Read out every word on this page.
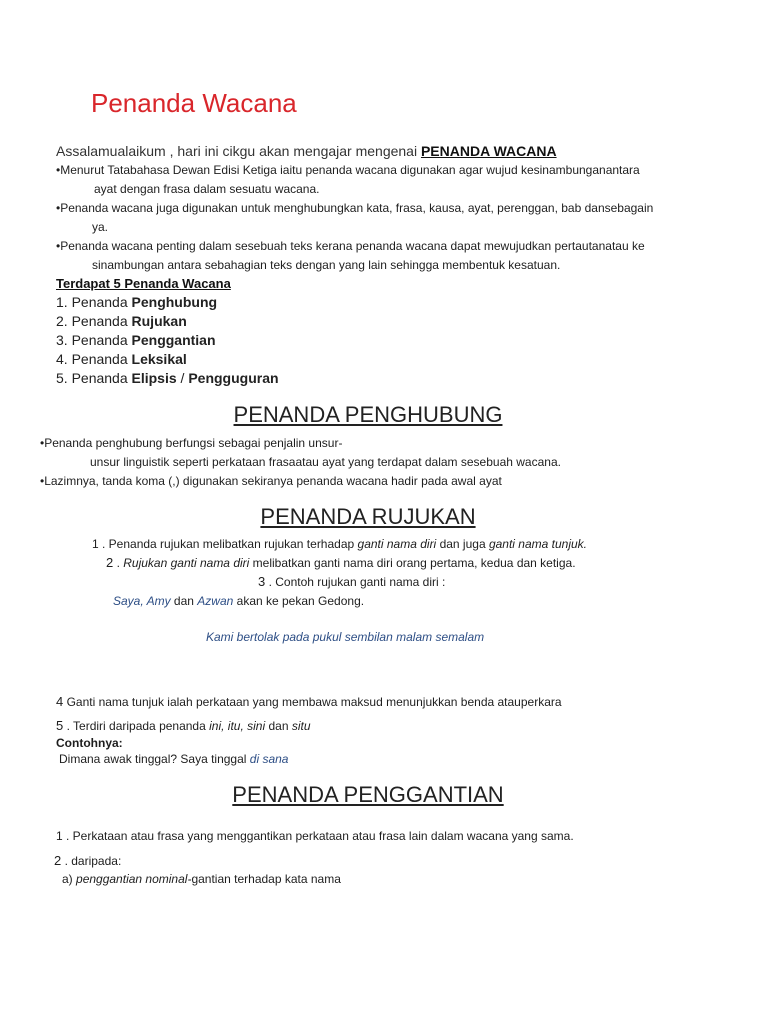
Penanda Wacana
Assalamualaikum , hari ini cikgu akan mengajar mengenai PENANDA WACANA
•Menurut Tatabahasa Dewan Edisi Ketiga iaitu penanda wacana digunakan agar wujud kesinambunganantara
ayat dengan frasa dalam sesuatu wacana.
•Penanda wacana juga digunakan untuk menghubungkan kata, frasa, kausa, ayat, perenggan, bab dansebagain
ya.
•Penanda wacana penting dalam sesebuah teks kerana penanda wacana dapat mewujudkan pertautanatau ke
sinambungan antara sebahagian teks dengan yang lain sehingga membentuk kesatuan.
Terdapat 5 Penanda Wacana
1. Penanda Penghubung
2. Penanda Rujukan
3. Penanda Penggantian
4. Penanda Leksikal
5. Penanda Elipsis / Pengguguran
PENANDA PENGHUBUNG
•Penanda penghubung berfungsi sebagai penjalin unsur-
unsur linguistik seperti perkataan frasaatau ayat yang terdapat dalam sesebuah wacana.
•Lazimnya, tanda koma (,) digunakan sekiranya penanda wacana hadir pada awal ayat
PENANDA RUJUKAN
1 . Penanda rujukan melibatkan rujukan terhadap ganti nama diri dan juga ganti nama tunjuk.
2 . Rujukan ganti nama diri melibatkan ganti nama diri orang pertama, kedua dan ketiga.
3 . Contoh rujukan ganti nama diri :
Saya, Amy dan Azwan akan ke pekan Gedong.
Kami bertolak pada pukul sembilan malam semalam
4 Ganti nama tunjuk ialah perkataan yang membawa maksud menunjukkan benda atauperkara
5 . Terdiri daripada penanda ini, itu, sini dan situ
Contohnya:
Dimana awak tinggal? Saya tinggal di sana
PENANDA PENGGANTIAN
1 . Perkataan atau frasa yang menggantikan perkataan atau frasa lain dalam wacana yang sama.
2 . daripada:
a) penggantian nominal-gantian terhadap kata nama
